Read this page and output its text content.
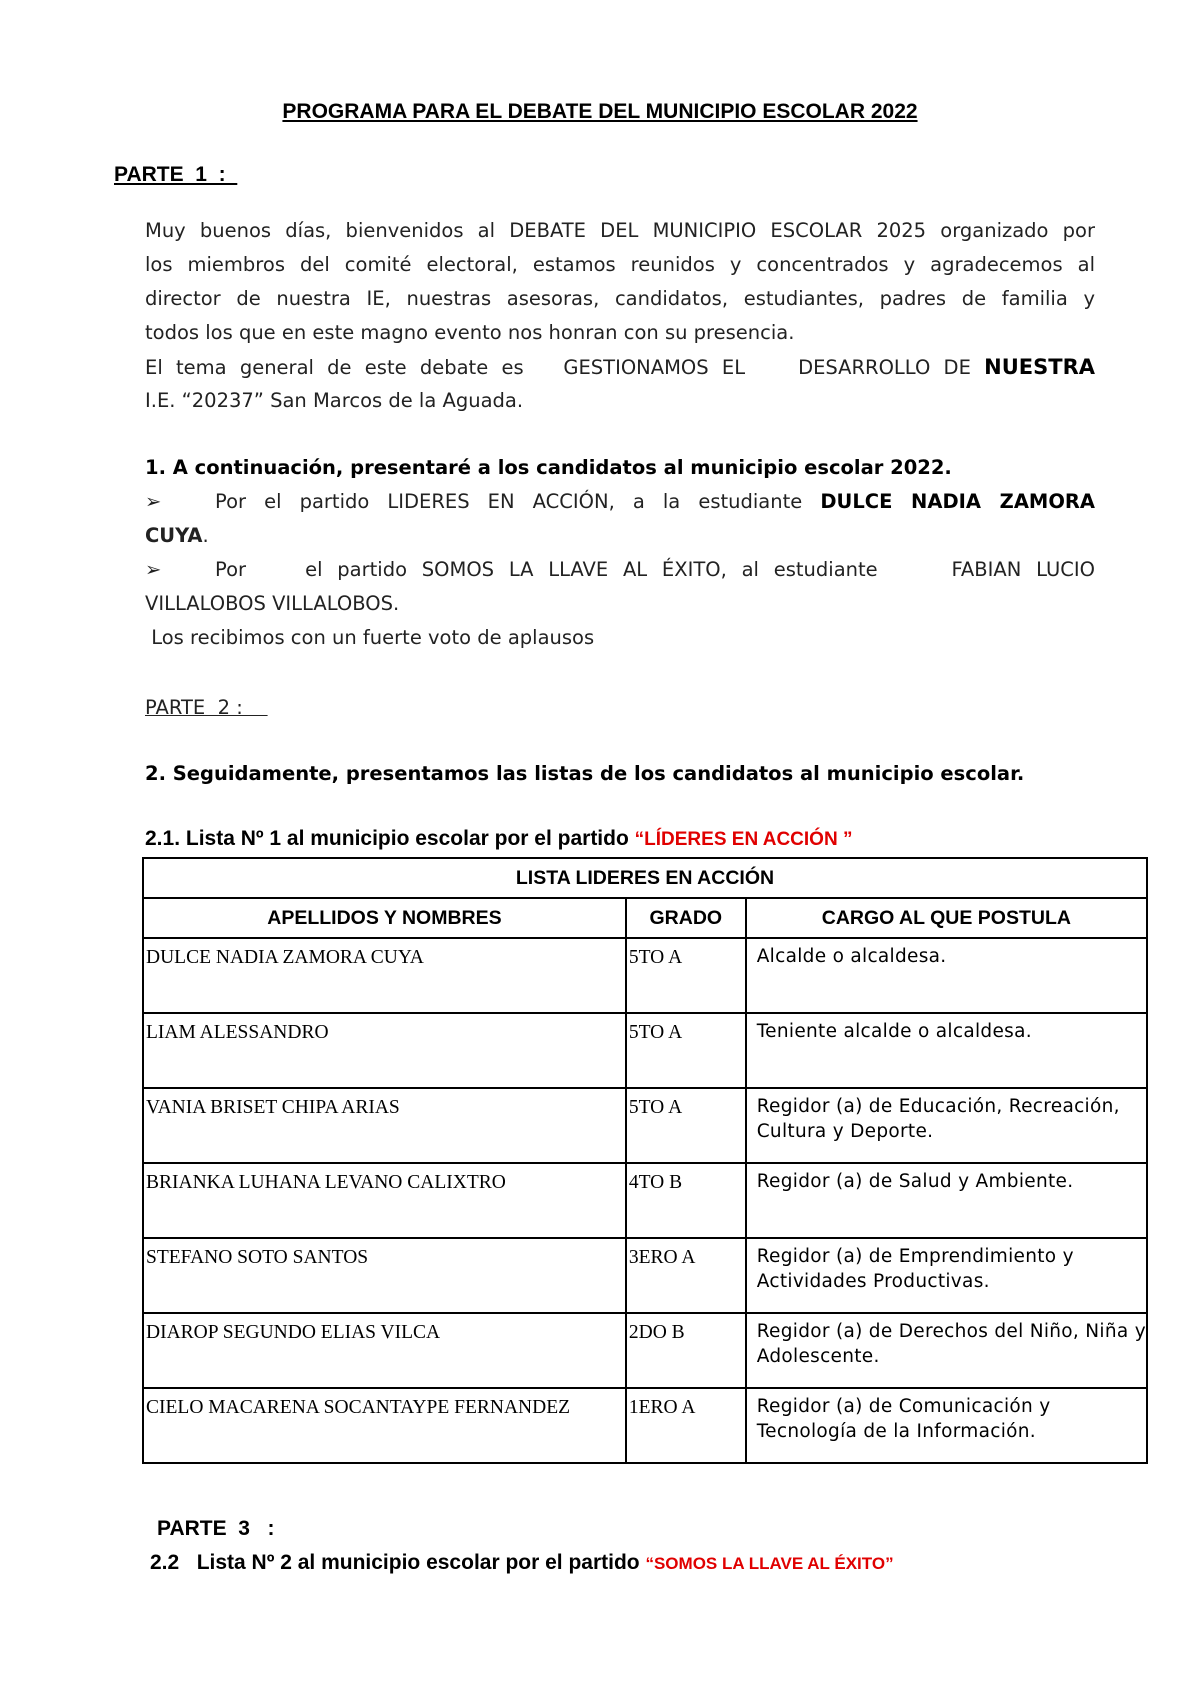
PROGRAMA PARA EL DEBATE DEL MUNICIPIO ESCOLAR 2022
PARTE  1  :
Muy buenos días, bienvenidos al DEBATE DEL MUNICIPIO ESCOLAR 2025 organizado por
los miembros del comité electoral, estamos reunidos y concentrados y agradecemos al
director de nuestra IE, nuestras asesoras, candidatos, estudiantes, padres de familia y
todos los que en este magno evento nos honran con su presencia.
El tema general de este debate es   GESTIONAMOS EL    DESARROLLO DE NUESTRA
I.E. “20237” San Marcos de la Aguada.
1. A continuación, presentaré a los candidatos al municipio escolar 2022.
➢	Por el partido LIDERES EN ACCIÓN, a la estudiante DULCE NADIA ZAMORA
CUYA.
➢	Por    el partido SOMOS LA LLAVE AL ÉXITO, al estudiante     FABIAN LUCIO
VILLALOBOS VILLALOBOS.
Los recibimos con un fuerte voto de aplausos
PARTE  2 :
2. Seguidamente, presentamos las listas de los candidatos al municipio escolar.
2.1. Lista Nº 1 al municipio escolar por el partido “LÍDERES EN ACCIÓN ”
LISTA LIDERES EN ACCIÓN		
APELLIDOS Y NOMBRES	GRADO	CARGO AL QUE POSTULA
DULCE NADIA ZAMORA CUYA	5TO A	Alcalde o alcaldesa.
LIAM ALESSANDRO	5TO A	Teniente alcalde o alcaldesa.
VANIA BRISET CHIPA ARIAS	5TO A	Regidor (a) de Educación, Recreación, Cultura y Deporte.
BRIANKA LUHANA LEVANO CALIXTRO	4TO B	Regidor (a) de Salud y Ambiente.
STEFANO SOTO SANTOS	3ERO A	Regidor (a) de Emprendimiento y Actividades Productivas.
DIAROP SEGUNDO ELIAS VILCA	2DO B	Regidor (a) de Derechos del Niño, Niña y Adolescente.
CIELO MACARENA SOCANTAYPE FERNANDEZ	1ERO A	Regidor (a) de Comunicación y Tecnología de la Información.
PARTE  3   :
2.2   Lista Nº 2 al municipio escolar por el partido “SOMOS LA LLAVE AL ÉXITO”
